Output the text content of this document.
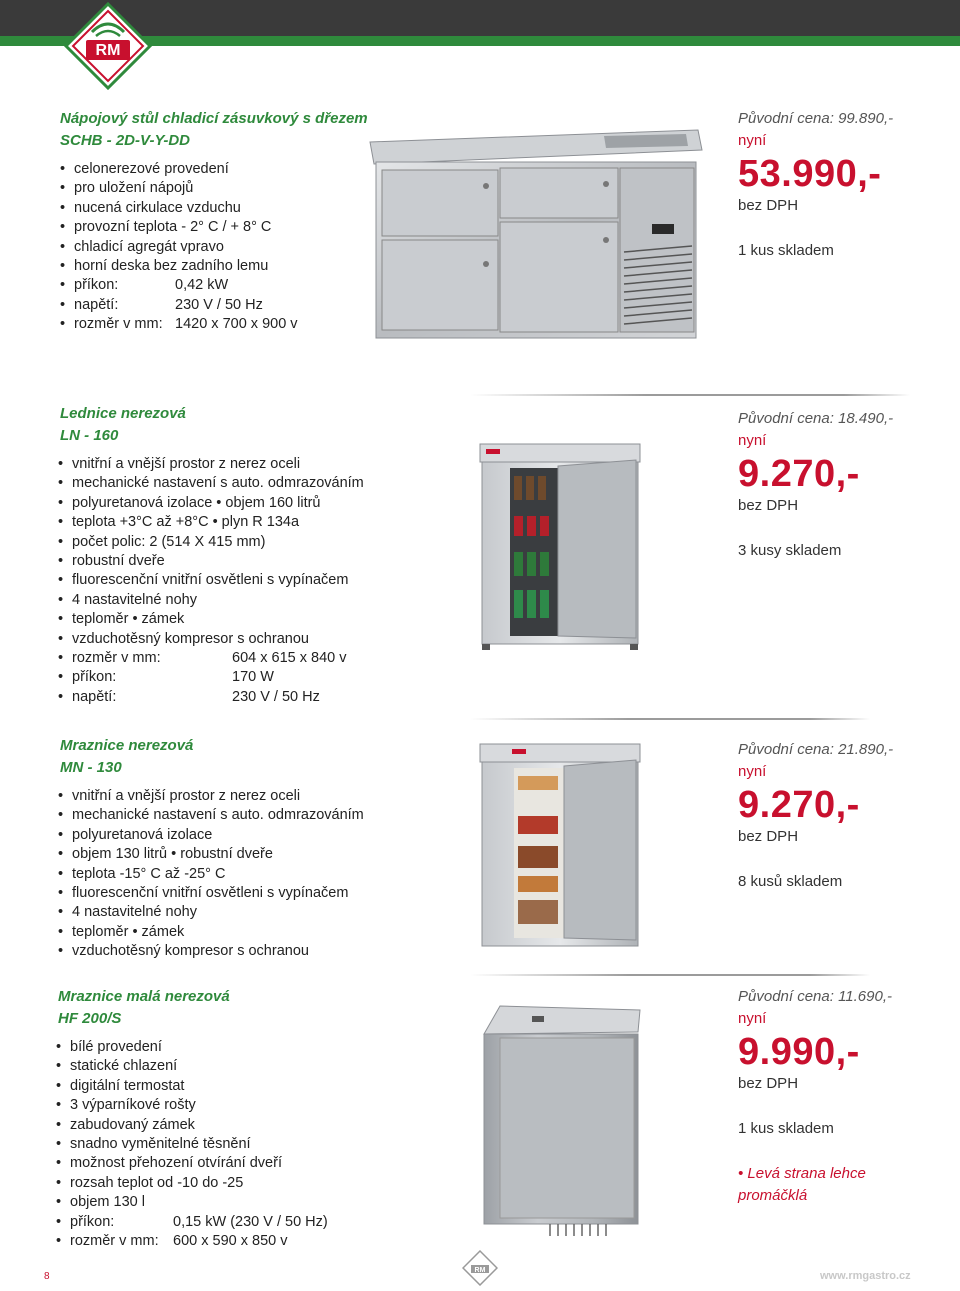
RM
Nápojový stůl chladicí zásuvkový s dřezem
SCHB - 2D-V-Y-DD
• celonerezové provedení
• pro uložení nápojů
• nucená cirkulace vzduchu
• provozní teplota - 2° C / + 8° C
• chladicí agregát vpravo
• horní deska bez zadního lemu
• příkon:	0,42 kW
• napětí:	230 V / 50 Hz
• rozměr v mm: 1420 x 700 x 900 v
Původní cena: 99.890,-
nyní
53.990,-
bez DPH
1 kus skladem
Lednice nerezová
LN - 160
• vnitřní a vnější prostor z nerez oceli
• mechanické nastavení s auto. odmrazováním
• polyuretanová izolace • objem 160 litrů
• teplota +3°C až +8°C • plyn R 134a
• počet polic: 2 (514 X 415 mm)
• robustní dveře
• fluorescenční vnitřní osvětleni s vypínačem
• 4 nastavitelné nohy
• teploměr • zámek
• vzduchotěsný kompresor s ochranou
• rozměr v mm:	604 x 615 x 840 v
• příkon:	170 W
• napětí:	230 V / 50 Hz
Původní cena: 18.490,-
nyní
9.270,-
bez DPH
3 kusy skladem
Mraznice nerezová
MN - 130
• vnitřní a vnější prostor z nerez oceli
• mechanické nastavení s auto. odmrazováním
• polyuretanová izolace
• objem 130 litrů • robustní dveře
• teplota -15° C až -25° C
• fluorescenční vnitřní osvětleni s vypínačem
• 4 nastavitelné nohy
• teploměr • zámek
• vzduchotěsný kompresor s ochranou
Původní cena: 21.890,-
nyní
9.270,-
bez DPH
8 kusů skladem
Mraznice malá nerezová
HF 200/S
• bílé provedení
• statické chlazení
• digitální termostat
• 3 výparníkové rošty
• zabudovaný zámek
• snadno vyměnitelné těsnění
• možnost přehození otvírání dveří
• rozsah teplot od -10 do -25
• objem 130 l
• příkon:	0,15 kW (230 V / 50 Hz)
• rozměr v mm: 600 x 590 x 850 v
Původní cena: 11.690,-
nyní
9.990,-
bez DPH
1 kus skladem
• Levá strana lehce promáčklá
8
RM	www.rmgastro.cz
